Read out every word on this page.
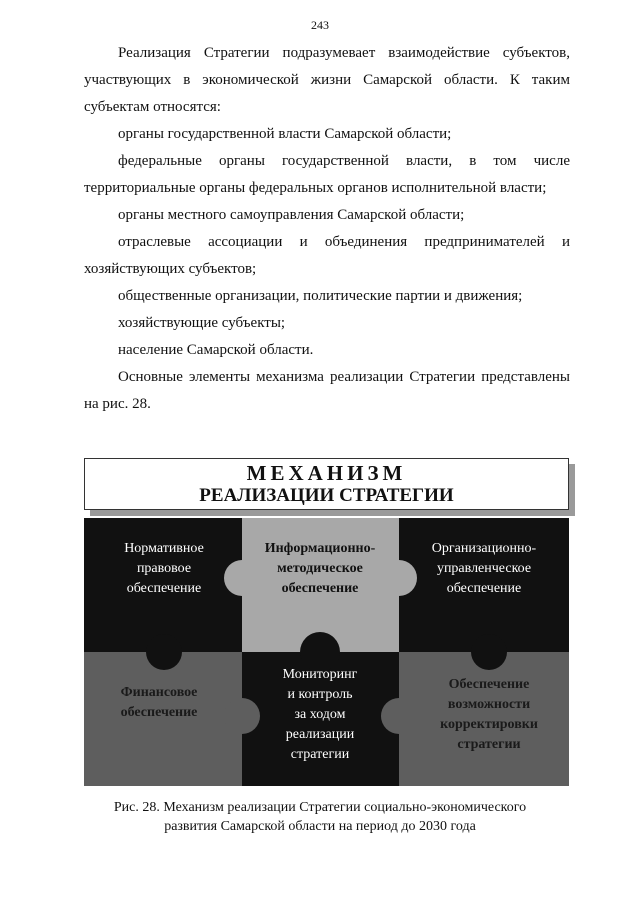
243

Реализация Стратегии подразумевает взаимодействие субъектов, участвующих в экономической жизни Самарской области. К таким субъектам относятся:

органы государственной власти Самарской области;

федеральные органы государственной власти, в том числе территориальные органы федеральных органов исполнительной власти;

органы местного самоуправления Самарской области;

отраслевые ассоциации и объединения предпринимателей и хозяйствующих субъектов;

общественные организации, политические партии и движения;

хозяйствующие субъекты;

население Самарской области.

Основные элементы механизма реализации Стратегии представлены на рис. 28.

МЕХАНИЗМ
РЕАЛИЗАЦИИ СТРАТЕГИИ
Нормативное
правовое
обеспечение
Информационно-
методическое
обеспечение
Организационно-
управленческое
обеспечение
Финансовое
обеспечение
Мониторинг
и контроль
за ходом
реализации
стратегии
Обеспечение
возможности
корректировки
стратегии
Рис. 28. Механизм реализации Стратегии социально-экономического
развития Самарской области на период до 2030 года
